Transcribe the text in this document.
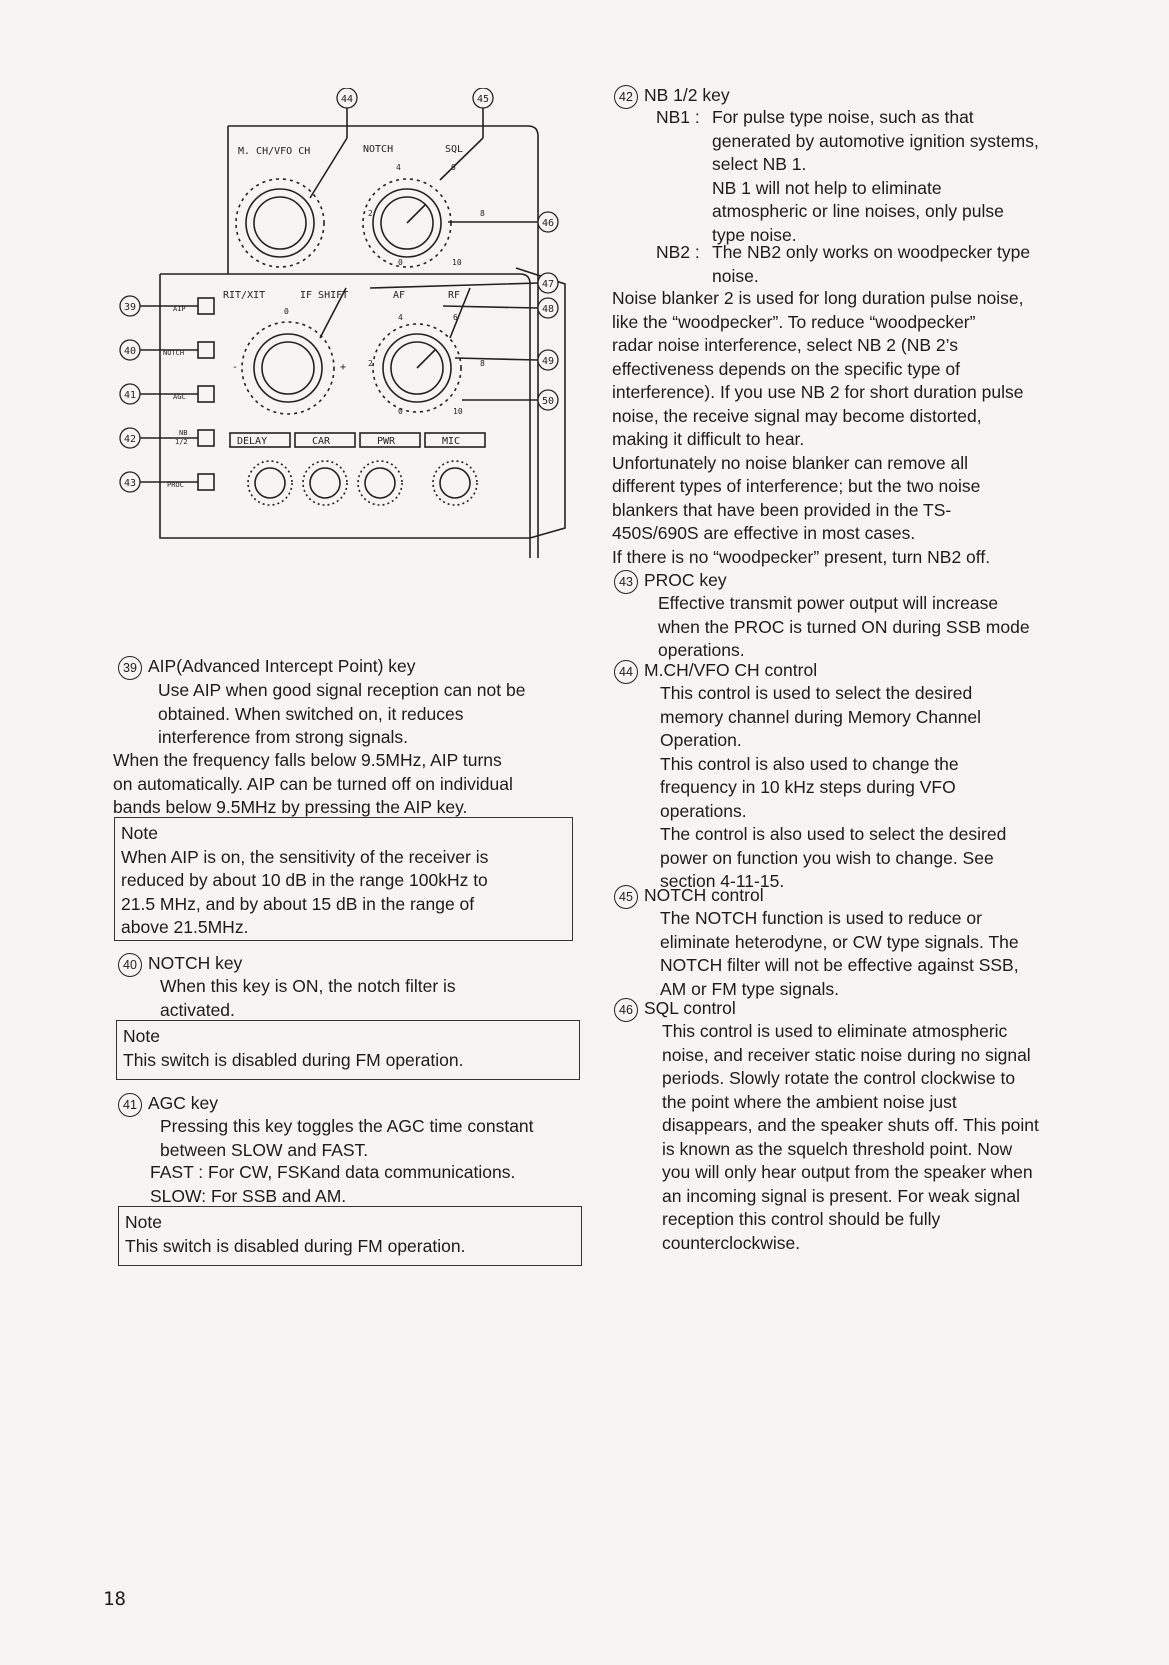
M. CH/VFO CH	NOTCH	SQL
RIT/XIT	IF SHIFT	AF	RF
AIP
NOTCH
AGC
NB
1/2
PROC
DELAY	CAR	PWR	MIC
0
2
4	6
8
10
0
2
4	6
8
10
0
-	+
44	45
46
47
48
49
50
39
40
41
42
43
39 AIP(Advanced Intercept Point) key
Use AIP when good signal reception can not be
obtained. When switched on, it reduces
interference from strong signals.
When the frequency falls below 9.5MHz, AIP turns
on automatically. AIP can be turned off on individual
bands below 9.5MHz by pressing the AIP key.
Note
When AIP is on, the sensitivity of the receiver is
reduced by about 10 dB in the range 100kHz to
21.5 MHz, and by about 15 dB in the range of
above 21.5MHz.
40 NOTCH key
When this key is ON, the notch filter is
activated.
Note
This switch is disabled during FM operation.
41 AGC key
Pressing this key toggles the AGC time constant
between SLOW and FAST.
FAST : For CW, FSKand data communications.
SLOW: For SSB and AM.
Note
This switch is disabled during FM operation.
42 NB 1/2 key
NB1 : For pulse type noise, such as that
generated by automotive ignition systems,
select NB 1.
NB 1 will not help to eliminate
atmospheric or line noises, only pulse
type noise.
NB2 : The NB2 only works on woodpecker type
noise.
Noise blanker 2 is used for long duration pulse noise,
like the “woodpecker”. To reduce “woodpecker”
radar noise interference, select NB 2 (NB 2’s
effectiveness depends on the specific type of
interference). If you use NB 2 for short duration pulse
noise, the receive signal may become distorted,
making it difficult to hear.
Unfortunately no noise blanker can remove all
different types of interference; but the two noise
blankers that have been provided in the TS-
450S/690S are effective in most cases.
If there is no “woodpecker” present, turn NB2 off.
43 PROC key
Effective transmit power output will increase
when the PROC is turned ON during SSB mode
operations.
44 M.CH/VFO CH control
This control is used to select the desired
memory channel during Memory Channel
Operation.
This control is also used to change the
frequency in 10 kHz steps during VFO
operations.
The control is also used to select the desired
power on function you wish to change. See
section 4-11-15.
45 NOTCH control
The NOTCH function is used to reduce or
eliminate heterodyne, or CW type signals. The
NOTCH filter will not be effective against SSB,
AM or FM type signals.
46 SQL control
This control is used to eliminate atmospheric
noise, and receiver static noise during no signal
periods. Slowly rotate the control clockwise to
the point where the ambient noise just
disappears, and the speaker shuts off. This point
is known as the squelch threshold point. Now
you will only hear output from the speaker when
an incoming signal is present. For weak signal
reception this control should be fully
counterclockwise.
18
